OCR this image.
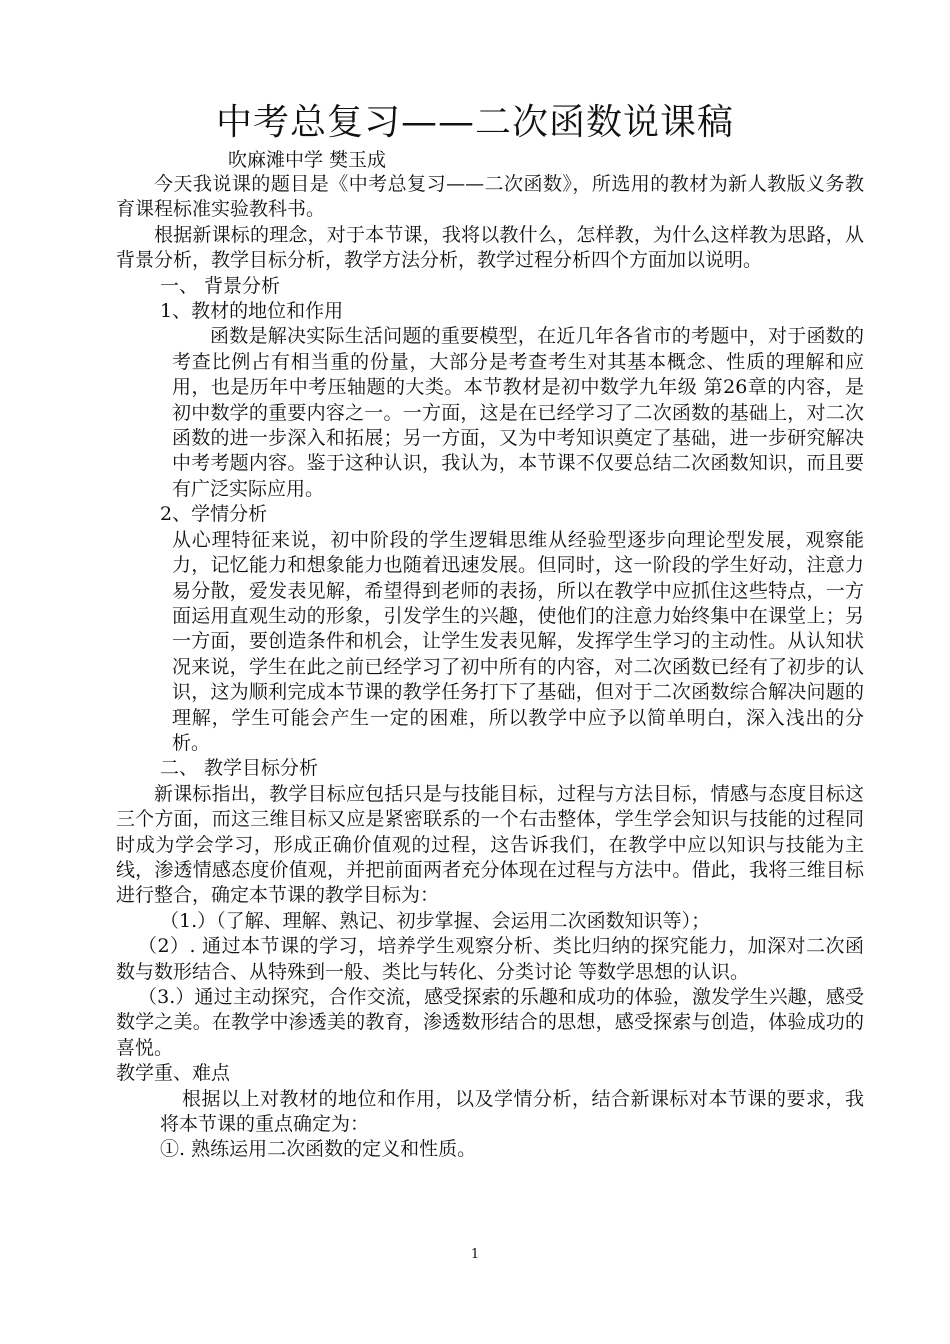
中考总复习——二次函数说课稿
吹麻滩中学 樊玉成

今天我说课的题目是《中考总复习——二次函数》，所选用的教材为新人教版义务教育课程标准实验教科书。

根据新课标的理念，对于本节课，我将以教什么，怎样教，为什么这样教为思路，从背景分析，教学目标分析，教学方法分析，教学过程分析四个方面加以说明。

一、 背景分析

1、教材的地位和作用

函数是解决实际生活问题的重要模型，在近几年各省市的考题中，对于函数的考查比例占有相当重的份量，大部分是考查考生对其基本概念、性质的理解和应用，也是历年中考压轴题的大类。本节教材是初中数学九年级 第26章的内容，是初中数学的重要内容之一。一方面，这是在已经学习了二次函数的基础上，对二次函数的进一步深入和拓展；另一方面，又为中考知识奠定了基础，进一步研究解决中考考题内容。鉴于这种认识，我认为，本节课不仅要总结二次函数知识，而且要有广泛实际应用。

2、学情分析

从心理特征来说，初中阶段的学生逻辑思维从经验型逐步向理论型发展，观察能力，记忆能力和想象能力也随着迅速发展。但同时，这一阶段的学生好动，注意力易分散，爱发表见解，希望得到老师的表扬，所以在教学中应抓住这些特点，一方面运用直观生动的形象，引发学生的兴趣，使他们的注意力始终集中在课堂上；另一方面，要创造条件和机会，让学生发表见解，发挥学生学习的主动性。从认知状况来说，学生在此之前已经学习了初中所有的内容，对二次函数已经有了初步的认识，这为顺利完成本节课的教学任务打下了基础，但对于二次函数综合解决问题的理解，学生可能会产生一定的困难，所以教学中应予以简单明白，深入浅出的分析。

二、 教学目标分析

新课标指出，教学目标应包括只是与技能目标，过程与方法目标，情感与态度目标这三个方面，而这三维目标又应是紧密联系的一个右击整体，学生学会知识与技能的过程同时成为学会学习，形成正确价值观的过程，这告诉我们，在教学中应以知识与技能为主线，渗透情感态度价值观，并把前面两者充分体现在过程与方法中。借此，我将三维目标进行整合，确定本节课的教学目标为：

（1.）（了解、理解、熟记、初步掌握、会运用二次函数知识等）；

（2）. 通过本节课的学习，培养学生观察分析、类比归纳的探究能力，加深对二次函数与数形结合、从特殊到一般、类比与转化、分类讨论 等数学思想的认识。

（3.）通过主动探究，合作交流，感受探索的乐趣和成功的体验，激发学生兴趣，感受数学之美。在教学中渗透美的教育，渗透数形结合的思想，感受探索与创造，体验成功的喜悦。

教学重、难点

根据以上对教材的地位和作用，以及学情分析，结合新课标对本节课的要求，我将本节课的重点确定为：

①. 熟练运用二次函数的定义和性质。

1
